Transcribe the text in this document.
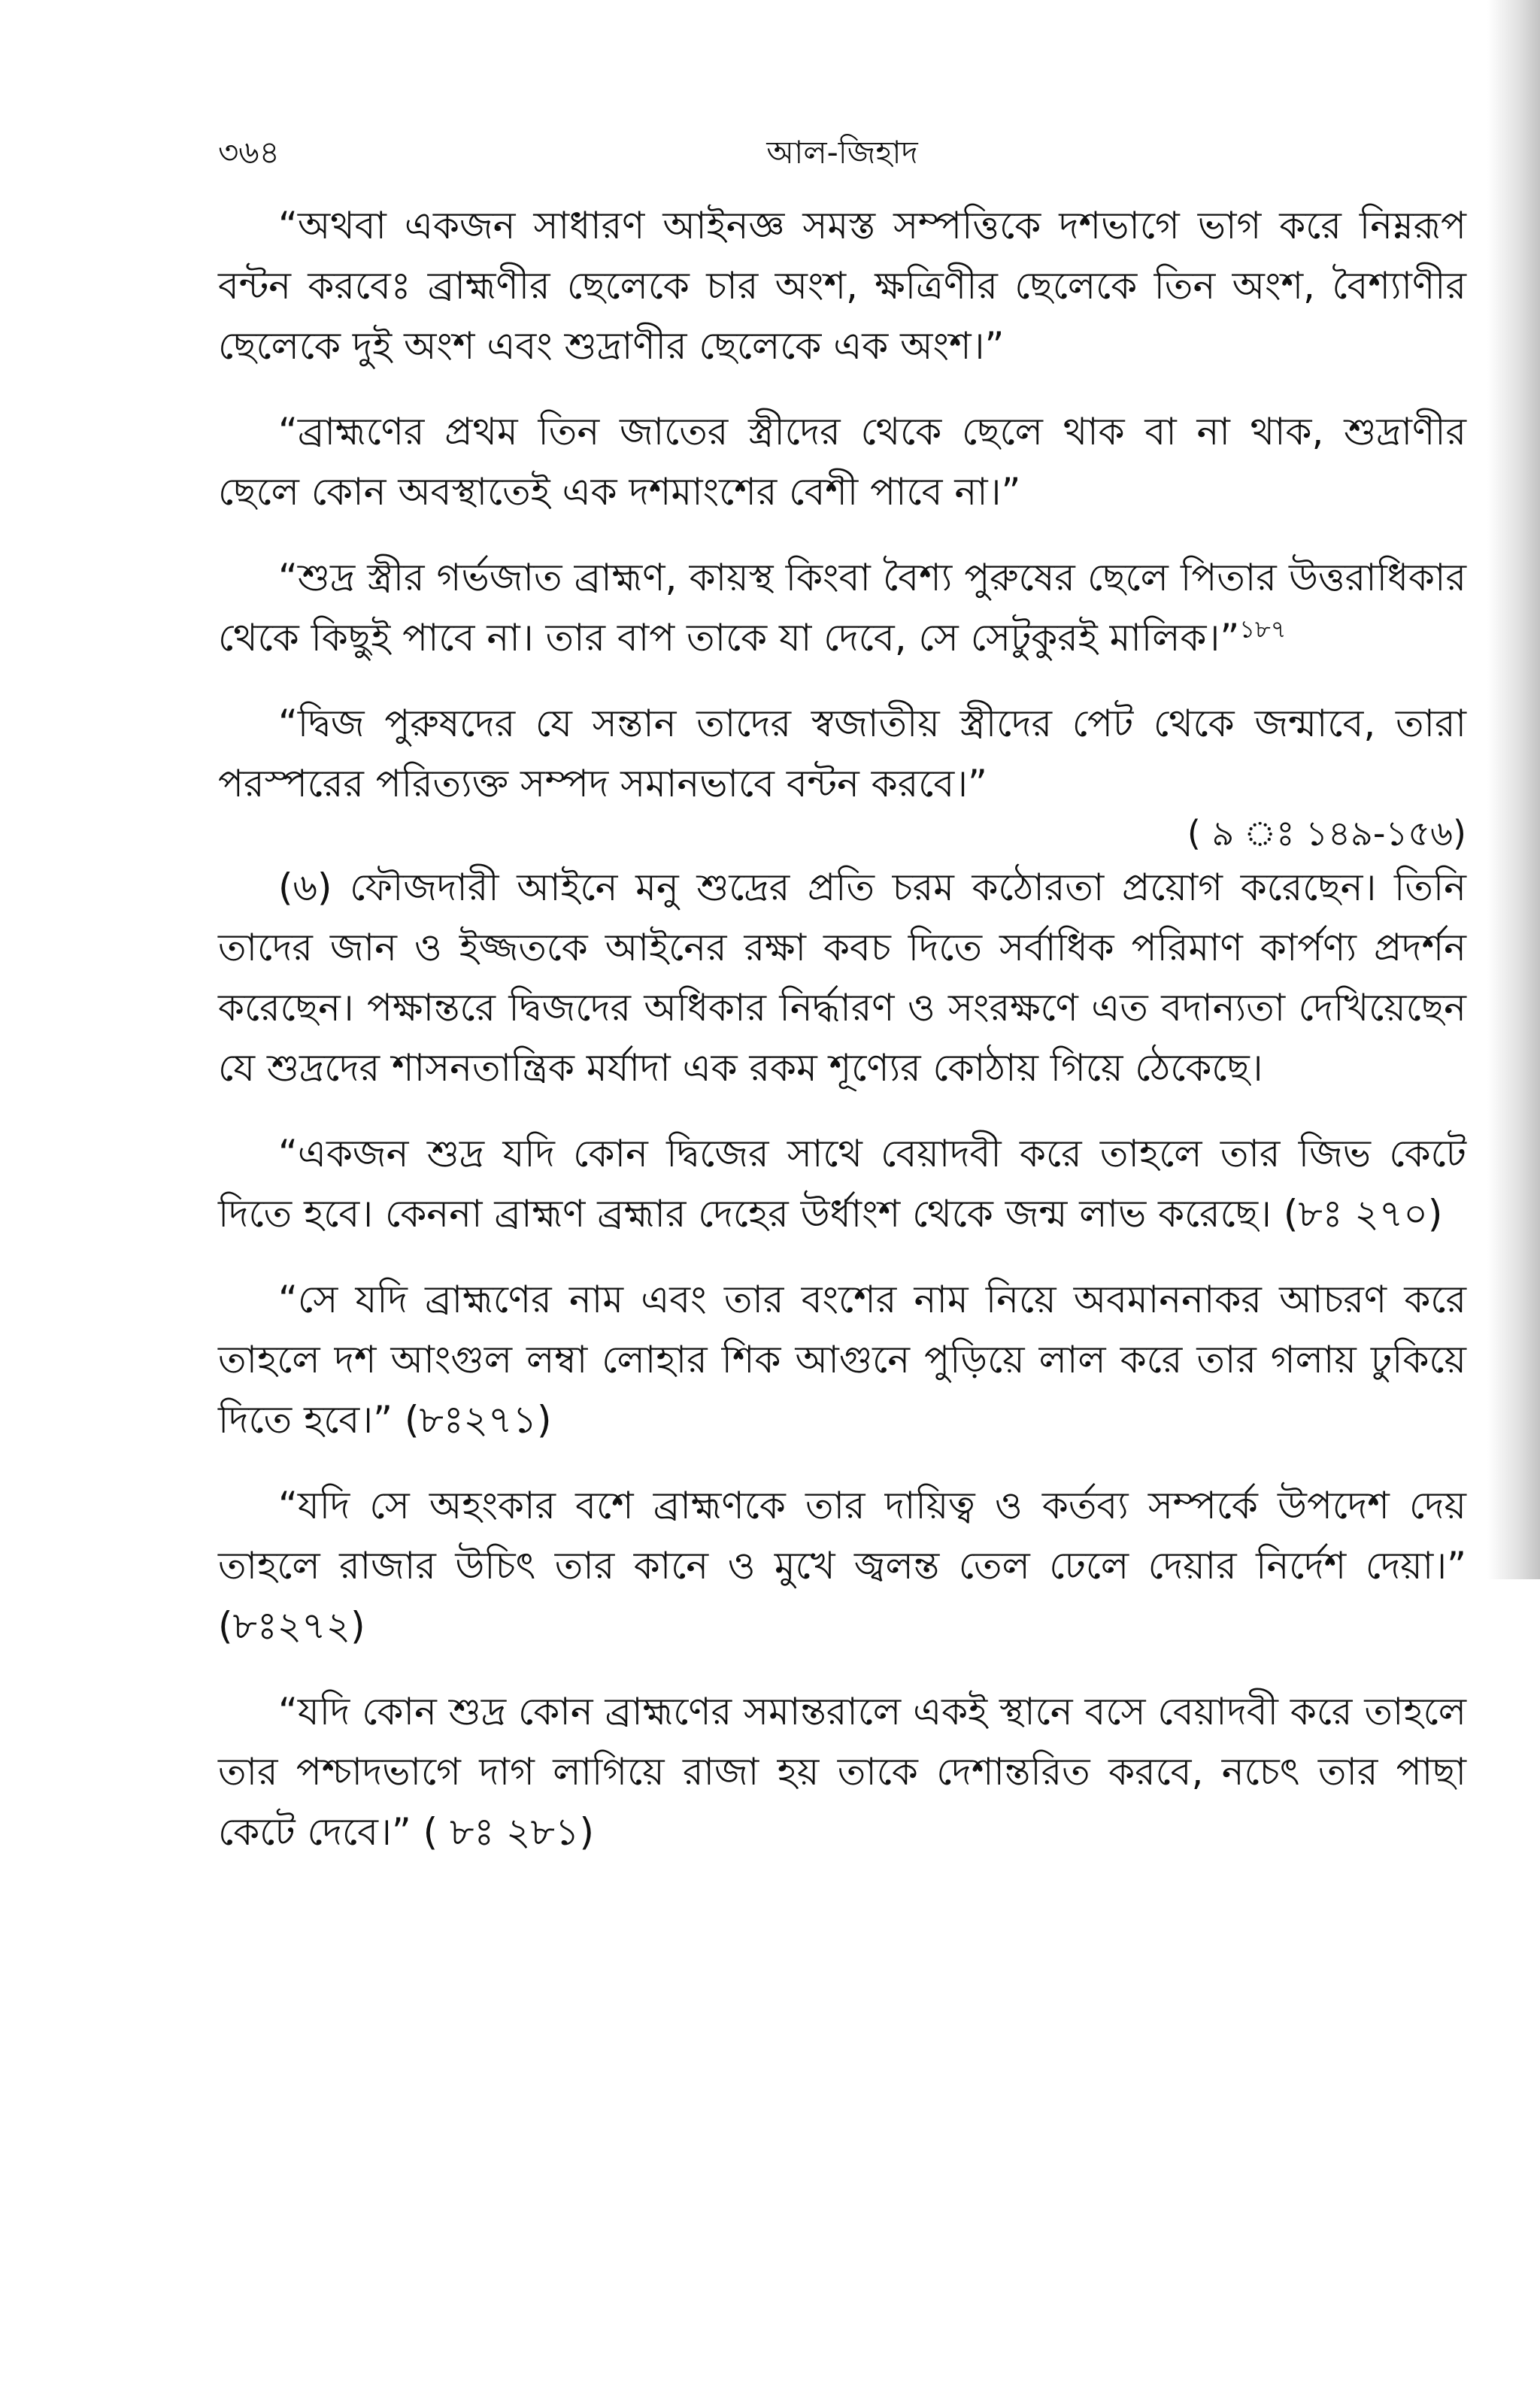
৩৬৪	আল-জিহাদ

“অথবা একজন সাধারণ আইনজ্ঞ সমস্ত সম্পত্তিকে দশভাগে ভাগ করে নিম্নরূপ বন্টন করবেঃ ব্রাহ্মণীর ছেলেকে চার অংশ, ক্ষত্রিণীর ছেলেকে তিন অংশ, বৈশ্যাণীর ছেলেকে দুই অংশ এবং শুদ্রাণীর ছেলেকে এক অংশ।”

“ব্রাহ্মণের প্রথম তিন জাতের স্ত্রীদের থেকে ছেলে থাক বা না থাক, শুদ্রাণীর ছেলে কোন অবস্থাতেই এক দশমাংশের বেশী পাবে না।”

“শুদ্র স্ত্রীর গর্ভজাত ব্রাহ্মণ, কায়স্থ কিংবা বৈশ্য পুরুষের ছেলে পিতার উত্তরাধিকার থেকে কিছুই পাবে না। তার বাপ তাকে যা দেবে, সে সেটুকুরই মালিক।”$^{১৮৭}$

“দ্বিজ পুরুষদের যে সন্তান তাদের স্বজাতীয় স্ত্রীদের পেট থেকে জন্মাবে, তারা পরস্পরের পরিত্যক্ত সম্পদ সমানভাবে বন্টন করবে।”

( ৯ ঃ ১৪৯-১৫৬)

(৬) ফৌজদারী আইনে মনু শুদ্রের প্রতি চরম কঠোরতা প্রয়োগ করেছেন। তিনি তাদের জান ও ইজ্জতকে আইনের রক্ষা কবচ দিতে সর্বাধিক পরিমাণ কার্পণ্য প্রদর্শন করেছেন। পক্ষান্তরে দ্বিজদের অধিকার নির্দ্ধারণ ও সংরক্ষণে এত বদান্যতা দেখিয়েছেন যে শুদ্রদের শাসনতান্ত্রিক মর্যাদা এক রকম শূণ্যের কোঠায় গিয়ে ঠেকেছে।

“একজন শুদ্র যদি কোন দ্বিজের সাথে বেয়াদবী করে তাহলে তার জিভ কেটে দিতে হবে। কেননা ব্রাহ্মণ ব্রহ্মার দেহের উর্ধাংশ থেকে জন্ম লাভ করেছে। (৮ঃ ২৭০)

“সে যদি ব্রাহ্মণের নাম এবং তার বংশের নাম নিয়ে অবমাননাকর আচরণ করে তাহলে দশ আংগুল লম্বা লোহার শিক আগুনে পুড়িয়ে লাল করে তার গলায় ঢুকিয়ে দিতে হবে।” (৮ঃ২৭১)

“যদি সে অহংকার বশে ব্রাহ্মণকে তার দায়িত্ব ও কর্তব্য সম্পর্কে উপদেশ দেয় তাহলে রাজার উচিৎ তার কানে ও মুখে জ্বলন্ত তেল ঢেলে দেয়ার নির্দেশ দেয়া।” (৮ঃ২৭২)

“যদি কোন শুদ্র কোন ব্রাহ্মণের সমান্তরালে একই স্থানে বসে বেয়াদবী করে তাহলে তার পশ্চাদভাগে দাগ লাগিয়ে রাজা হয় তাকে দেশান্তরিত করবে, নচেৎ তার পাছা কেটে দেবে।” ( ৮ঃ ২৮১)
